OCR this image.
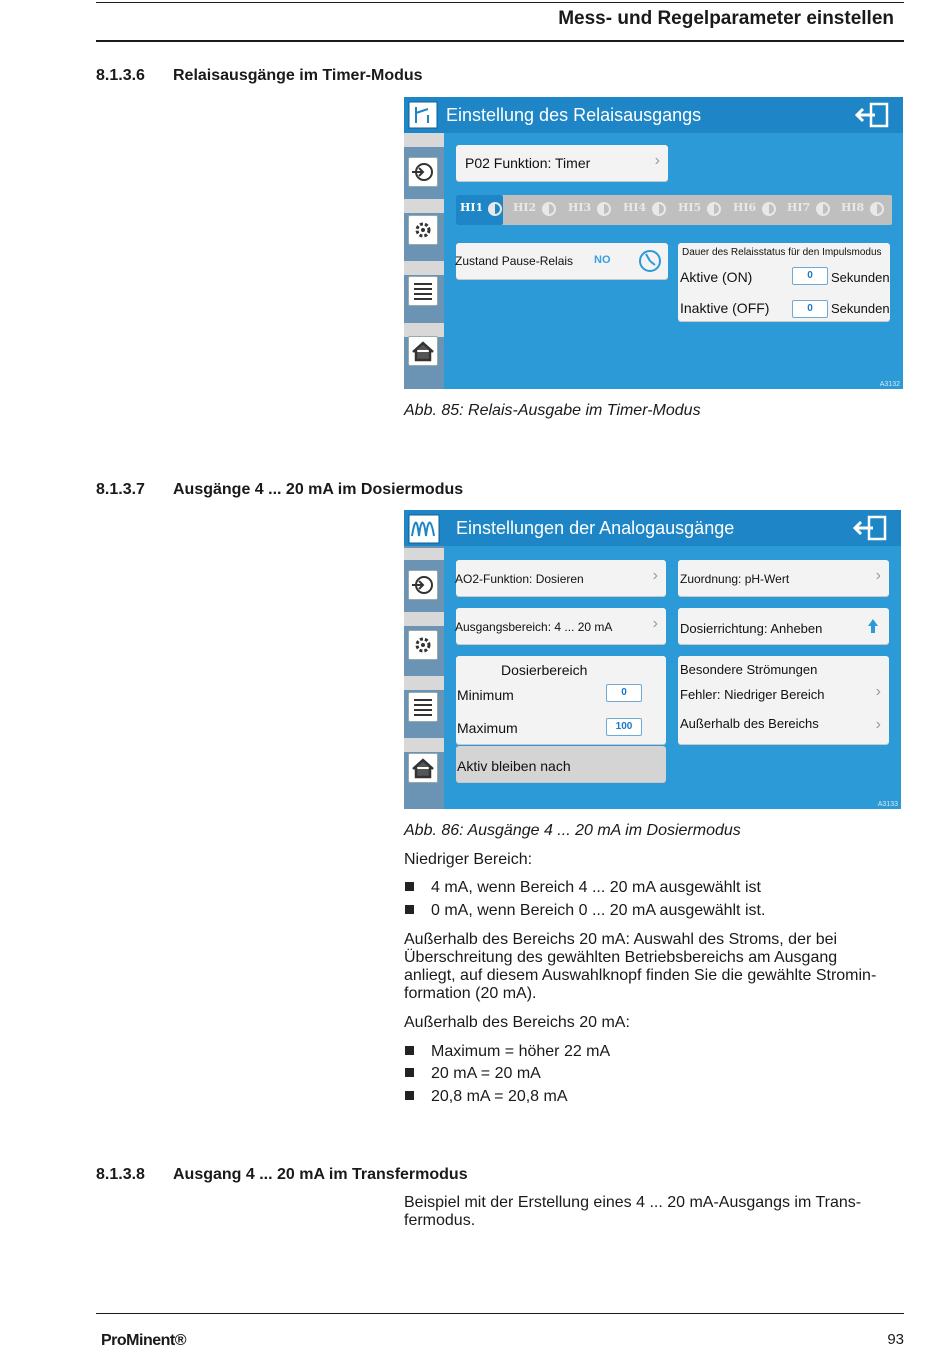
Mess- und Regelparameter einstellen
8.1.3.6 Relaisausgänge im Timer-Modus
Einstellung des Relaisausgangs
P02 Funktion: Timer	›
HI1	HI2	HI3	HI4	HI5	HI6	HI7	HI8
Zustand Pause-Relais NO
Dauer des Relaisstatus für den Impulsmodus
Aktive (ON)	0	Sekunden
Inaktive (OFF)	0	Sekunden
A3132
Abb. 85: Relais-Ausgabe im Timer-Modus
8.1.3.7 Ausgänge 4 ... 20 mA im Dosiermodus
Einstellungen der Analogausgänge
AO2-Funktion: Dosieren	› Zuordnung: pH-Wert	›
Ausgangsbereich: 4 ... 20 mA	› Dosierrichtung: Anheben
Dosierbereich
Minimum	0
Maximum	100
Besondere Strömungen
Fehler: Niedriger Bereich	›
Außerhalb des Bereichs	›
Aktiv bleiben nach
A3133
Abb. 86: Ausgänge 4 ... 20 mA im Dosiermodus
Niedriger Bereich:
4 mA, wenn Bereich 4 ... 20 mA ausgewählt ist
0 mA, wenn Bereich 0 ... 20 mA ausgewählt ist.
Außerhalb des Bereichs 20 mA: Auswahl des Stroms, der bei
Überschreitung des gewählten Betriebsbereichs am Ausgang
anliegt, auf diesem Auswahlknopf finden Sie die gewählte Stromin-
formation (20 mA).
Außerhalb des Bereichs 20 mA:
Maximum = höher 22 mA
20 mA = 20 mA
20,8 mA = 20,8 mA
8.1.3.8 Ausgang 4 ... 20 mA im Transfermodus
Beispiel mit der Erstellung eines 4 ... 20 mA-Ausgangs im Trans-
fermodus.
ProMinent®	93
